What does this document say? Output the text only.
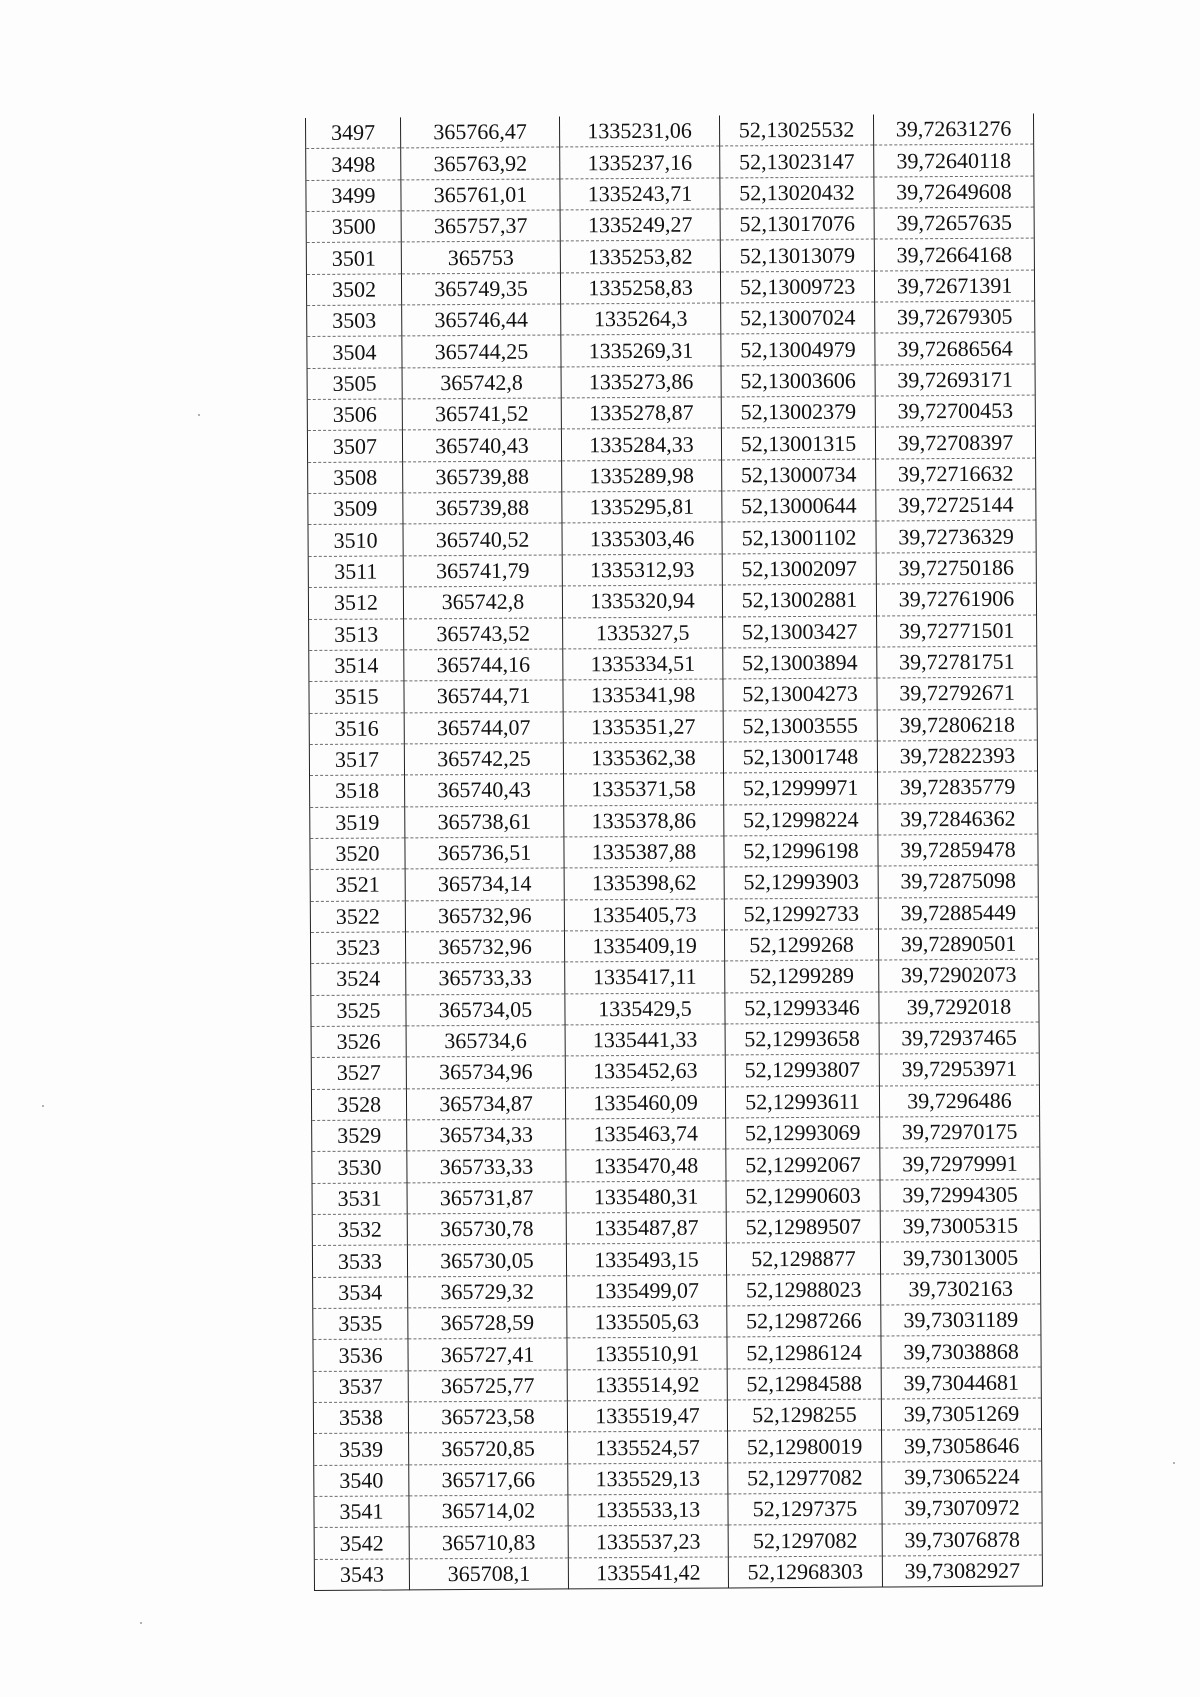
3497	365766,47	1335231,06	52,13025532	39,72631276
3498	365763,92	1335237,16	52,13023147	39,72640118
3499	365761,01	1335243,71	52,13020432	39,72649608
3500	365757,37	1335249,27	52,13017076	39,72657635
3501	365753	1335253,82	52,13013079	39,72664168
3502	365749,35	1335258,83	52,13009723	39,72671391
3503	365746,44	1335264,3	52,13007024	39,72679305
3504	365744,25	1335269,31	52,13004979	39,72686564
3505	365742,8	1335273,86	52,13003606	39,72693171
3506	365741,52	1335278,87	52,13002379	39,72700453
3507	365740,43	1335284,33	52,13001315	39,72708397
3508	365739,88	1335289,98	52,13000734	39,72716632
3509	365739,88	1335295,81	52,13000644	39,72725144
3510	365740,52	1335303,46	52,13001102	39,72736329
3511	365741,79	1335312,93	52,13002097	39,72750186
3512	365742,8	1335320,94	52,13002881	39,72761906
3513	365743,52	1335327,5	52,13003427	39,72771501
3514	365744,16	1335334,51	52,13003894	39,72781751
3515	365744,71	1335341,98	52,13004273	39,72792671
3516	365744,07	1335351,27	52,13003555	39,72806218
3517	365742,25	1335362,38	52,13001748	39,72822393
3518	365740,43	1335371,58	52,12999971	39,72835779
3519	365738,61	1335378,86	52,12998224	39,72846362
3520	365736,51	1335387,88	52,12996198	39,72859478
3521	365734,14	1335398,62	52,12993903	39,72875098
3522	365732,96	1335405,73	52,12992733	39,72885449
3523	365732,96	1335409,19	52,1299268	39,72890501
3524	365733,33	1335417,11	52,1299289	39,72902073
3525	365734,05	1335429,5	52,12993346	39,7292018
3526	365734,6	1335441,33	52,12993658	39,72937465
3527	365734,96	1335452,63	52,12993807	39,72953971
3528	365734,87	1335460,09	52,12993611	39,7296486
3529	365734,33	1335463,74	52,12993069	39,72970175
3530	365733,33	1335470,48	52,12992067	39,72979991
3531	365731,87	1335480,31	52,12990603	39,72994305
3532	365730,78	1335487,87	52,12989507	39,73005315
3533	365730,05	1335493,15	52,1298877	39,73013005
3534	365729,32	1335499,07	52,12988023	39,7302163
3535	365728,59	1335505,63	52,12987266	39,73031189
3536	365727,41	1335510,91	52,12986124	39,73038868
3537	365725,77	1335514,92	52,12984588	39,73044681
3538	365723,58	1335519,47	52,1298255	39,73051269
3539	365720,85	1335524,57	52,12980019	39,73058646
3540	365717,66	1335529,13	52,12977082	39,73065224
3541	365714,02	1335533,13	52,1297375	39,73070972
3542	365710,83	1335537,23	52,1297082	39,73076878
3543	365708,1	1335541,42	52,12968303	39,73082927
